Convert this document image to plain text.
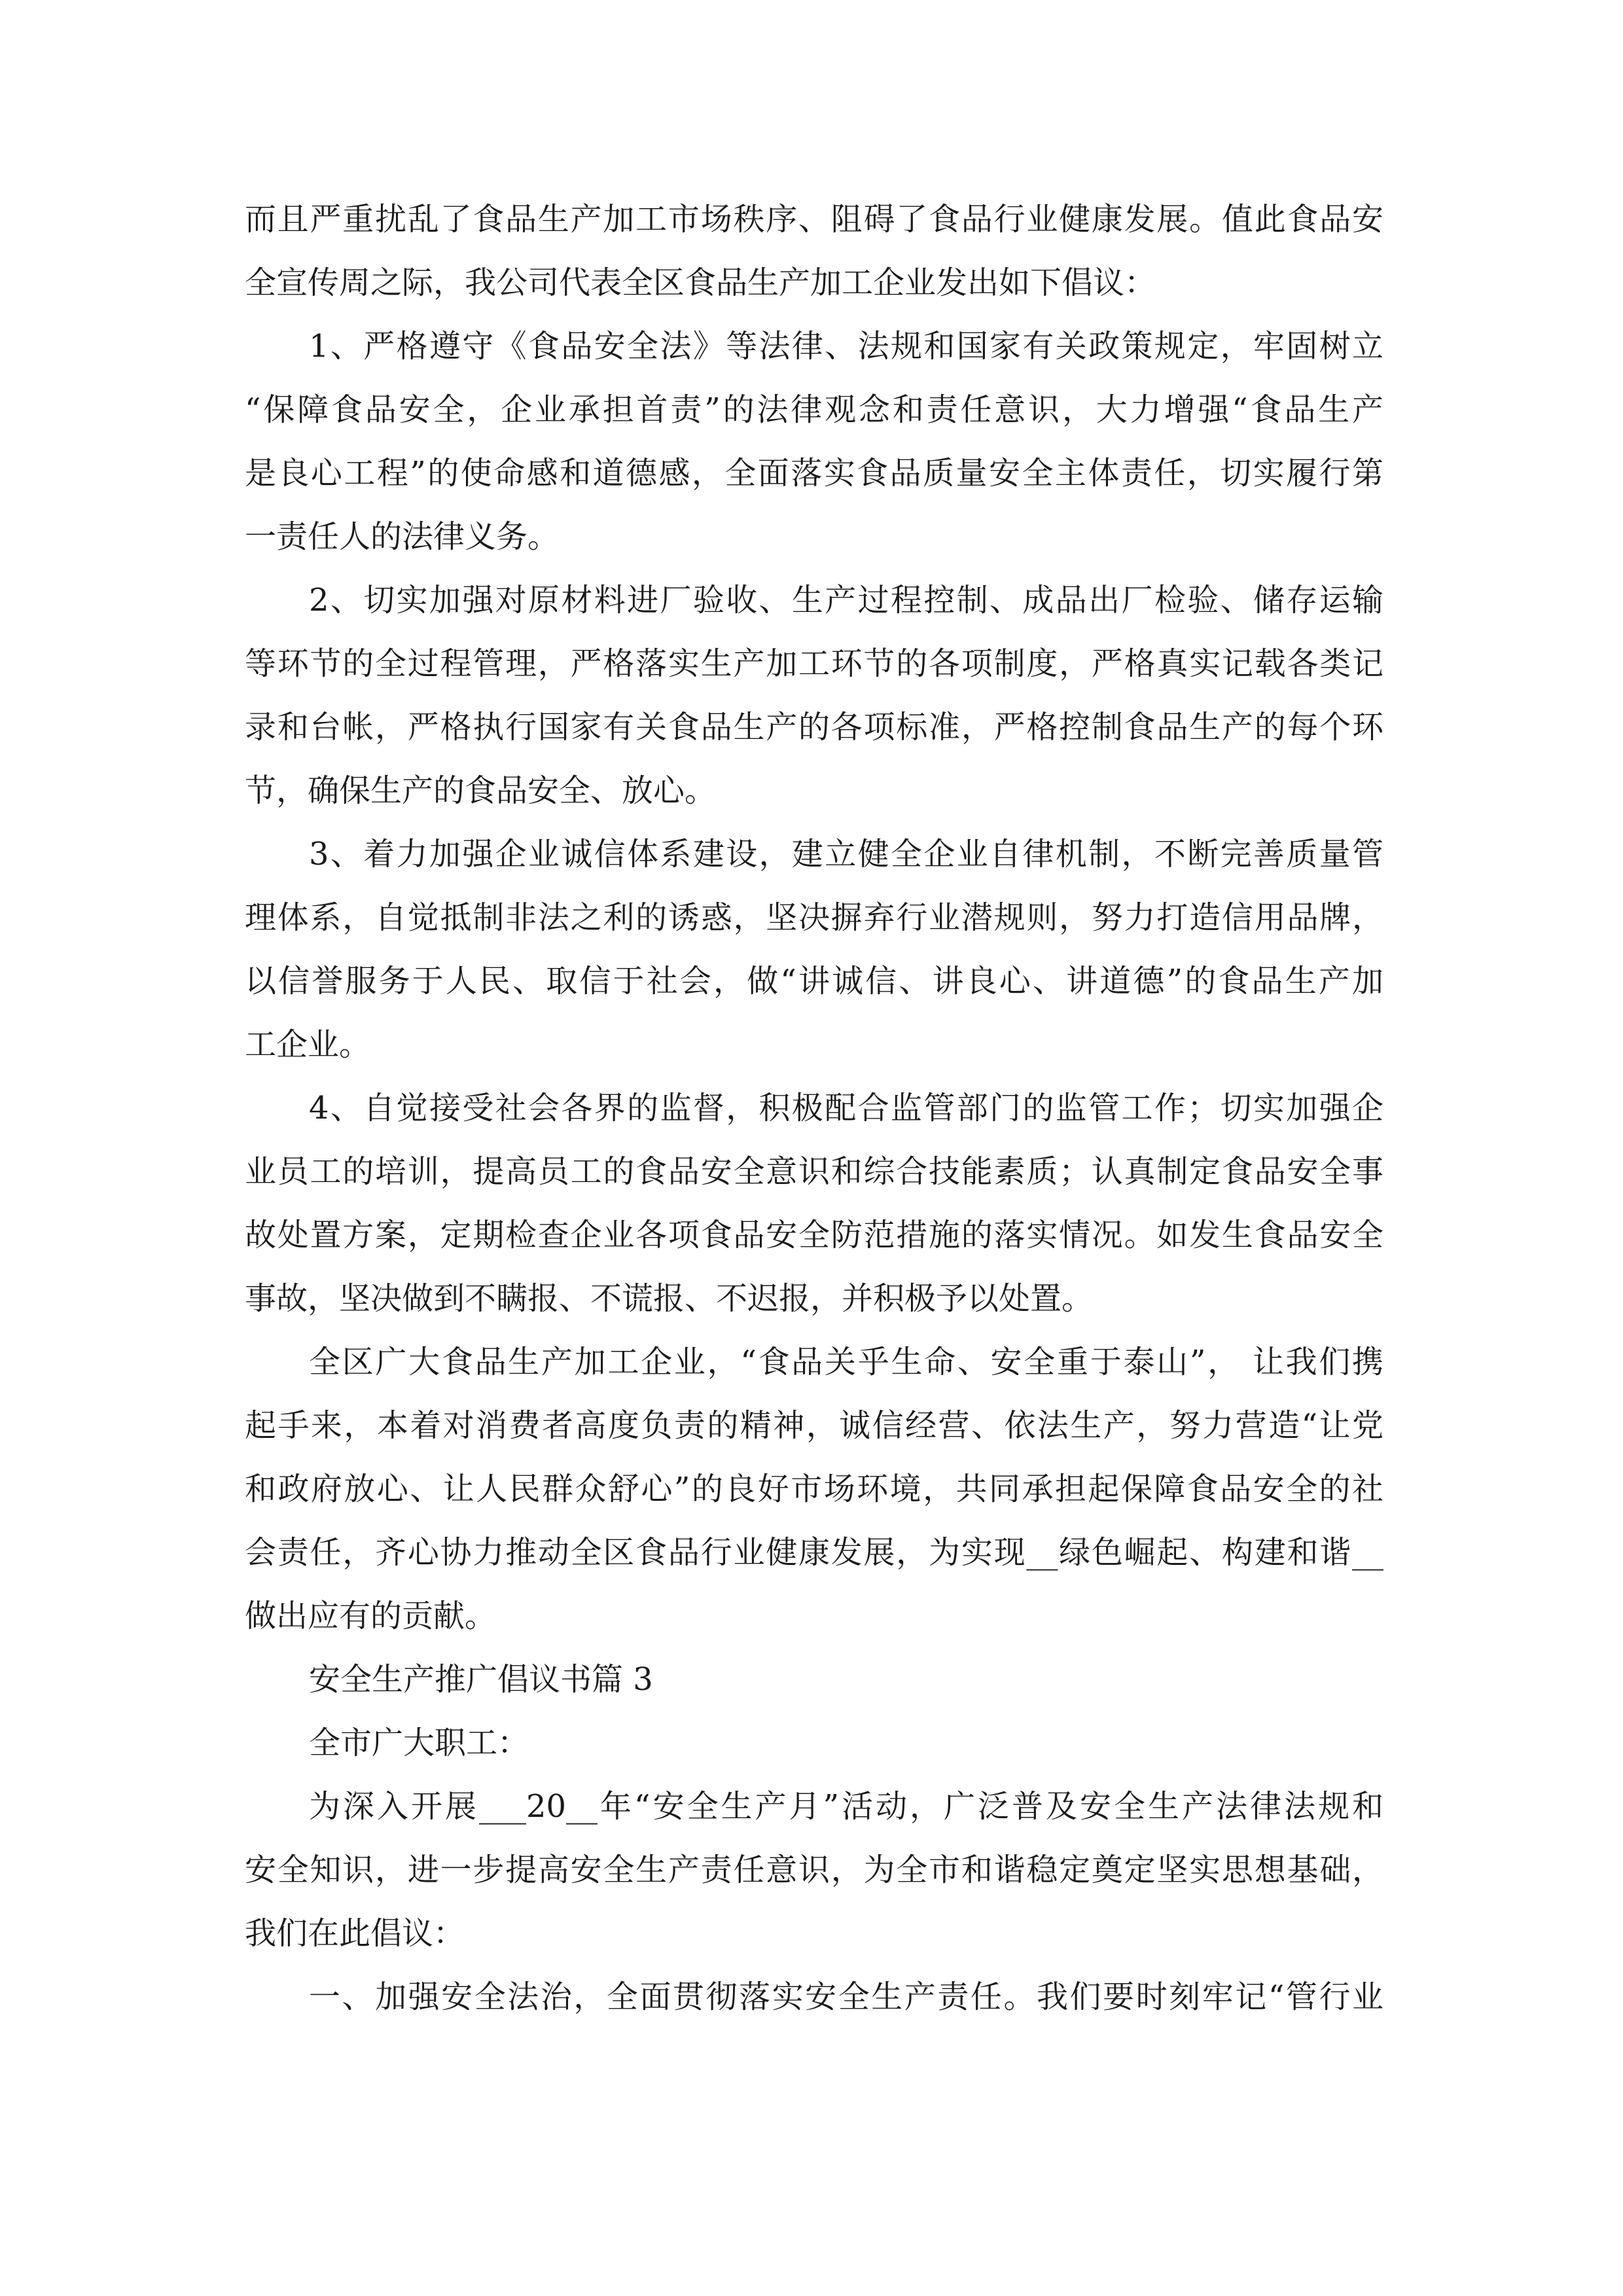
而且严重扰乱了食品生产加工市场秩序、阻碍了食品行业健康发展。值此食品安
全宣传周之际，我公司代表全区食品生产加工企业发出如下倡议：
1、严格遵守《食品安全法》等法律、法规和国家有关政策规定，牢固树立
“保障食品安全，企业承担首责”的法律观念和责任意识，大力增强“食品生产
是良心工程”的使命感和道德感，全面落实食品质量安全主体责任，切实履行第
一责任人的法律义务。
2、切实加强对原材料进厂验收、生产过程控制、成品出厂检验、储存运输
等环节的全过程管理，严格落实生产加工环节的各项制度，严格真实记载各类记
录和台帐，严格执行国家有关食品生产的各项标准，严格控制食品生产的每个环
节，确保生产的食品安全、放心。
3、着力加强企业诚信体系建设，建立健全企业自律机制，不断完善质量管
理体系，自觉抵制非法之利的诱惑，坚决摒弃行业潜规则，努力打造信用品牌，
以信誉服务于人民、取信于社会，做“讲诚信、讲良心、讲道德”的食品生产加
工企业。
4、自觉接受社会各界的监督，积极配合监管部门的监管工作；切实加强企
业员工的培训，提高员工的食品安全意识和综合技能素质；认真制定食品安全事
故处置方案，定期检查企业各项食品安全防范措施的落实情况。如发生食品安全
事故，坚决做到不瞒报、不谎报、不迟报，并积极予以处置。
全区广大食品生产加工企业，“食品关乎生命、安全重于泰山”， 让我们携
起手来，本着对消费者高度负责的精神，诚信经营、依法生产，努力营造“让党
和政府放心、让人民群众舒心”的良好市场环境，共同承担起保障食品安全的社
会责任，齐心协力推动全区食品行业健康发展，为实现__绿色崛起、构建和谐__
做出应有的贡献。
安全生产推广倡议书篇 3
全市广大职工：
为深入开展___20__年“安全生产月”活动，广泛普及安全生产法律法规和
安全知识，进一步提高安全生产责任意识，为全市和谐稳定奠定坚实思想基础，
我们在此倡议：
一、加强安全法治，全面贯彻落实安全生产责任。我们要时刻牢记“管行业
